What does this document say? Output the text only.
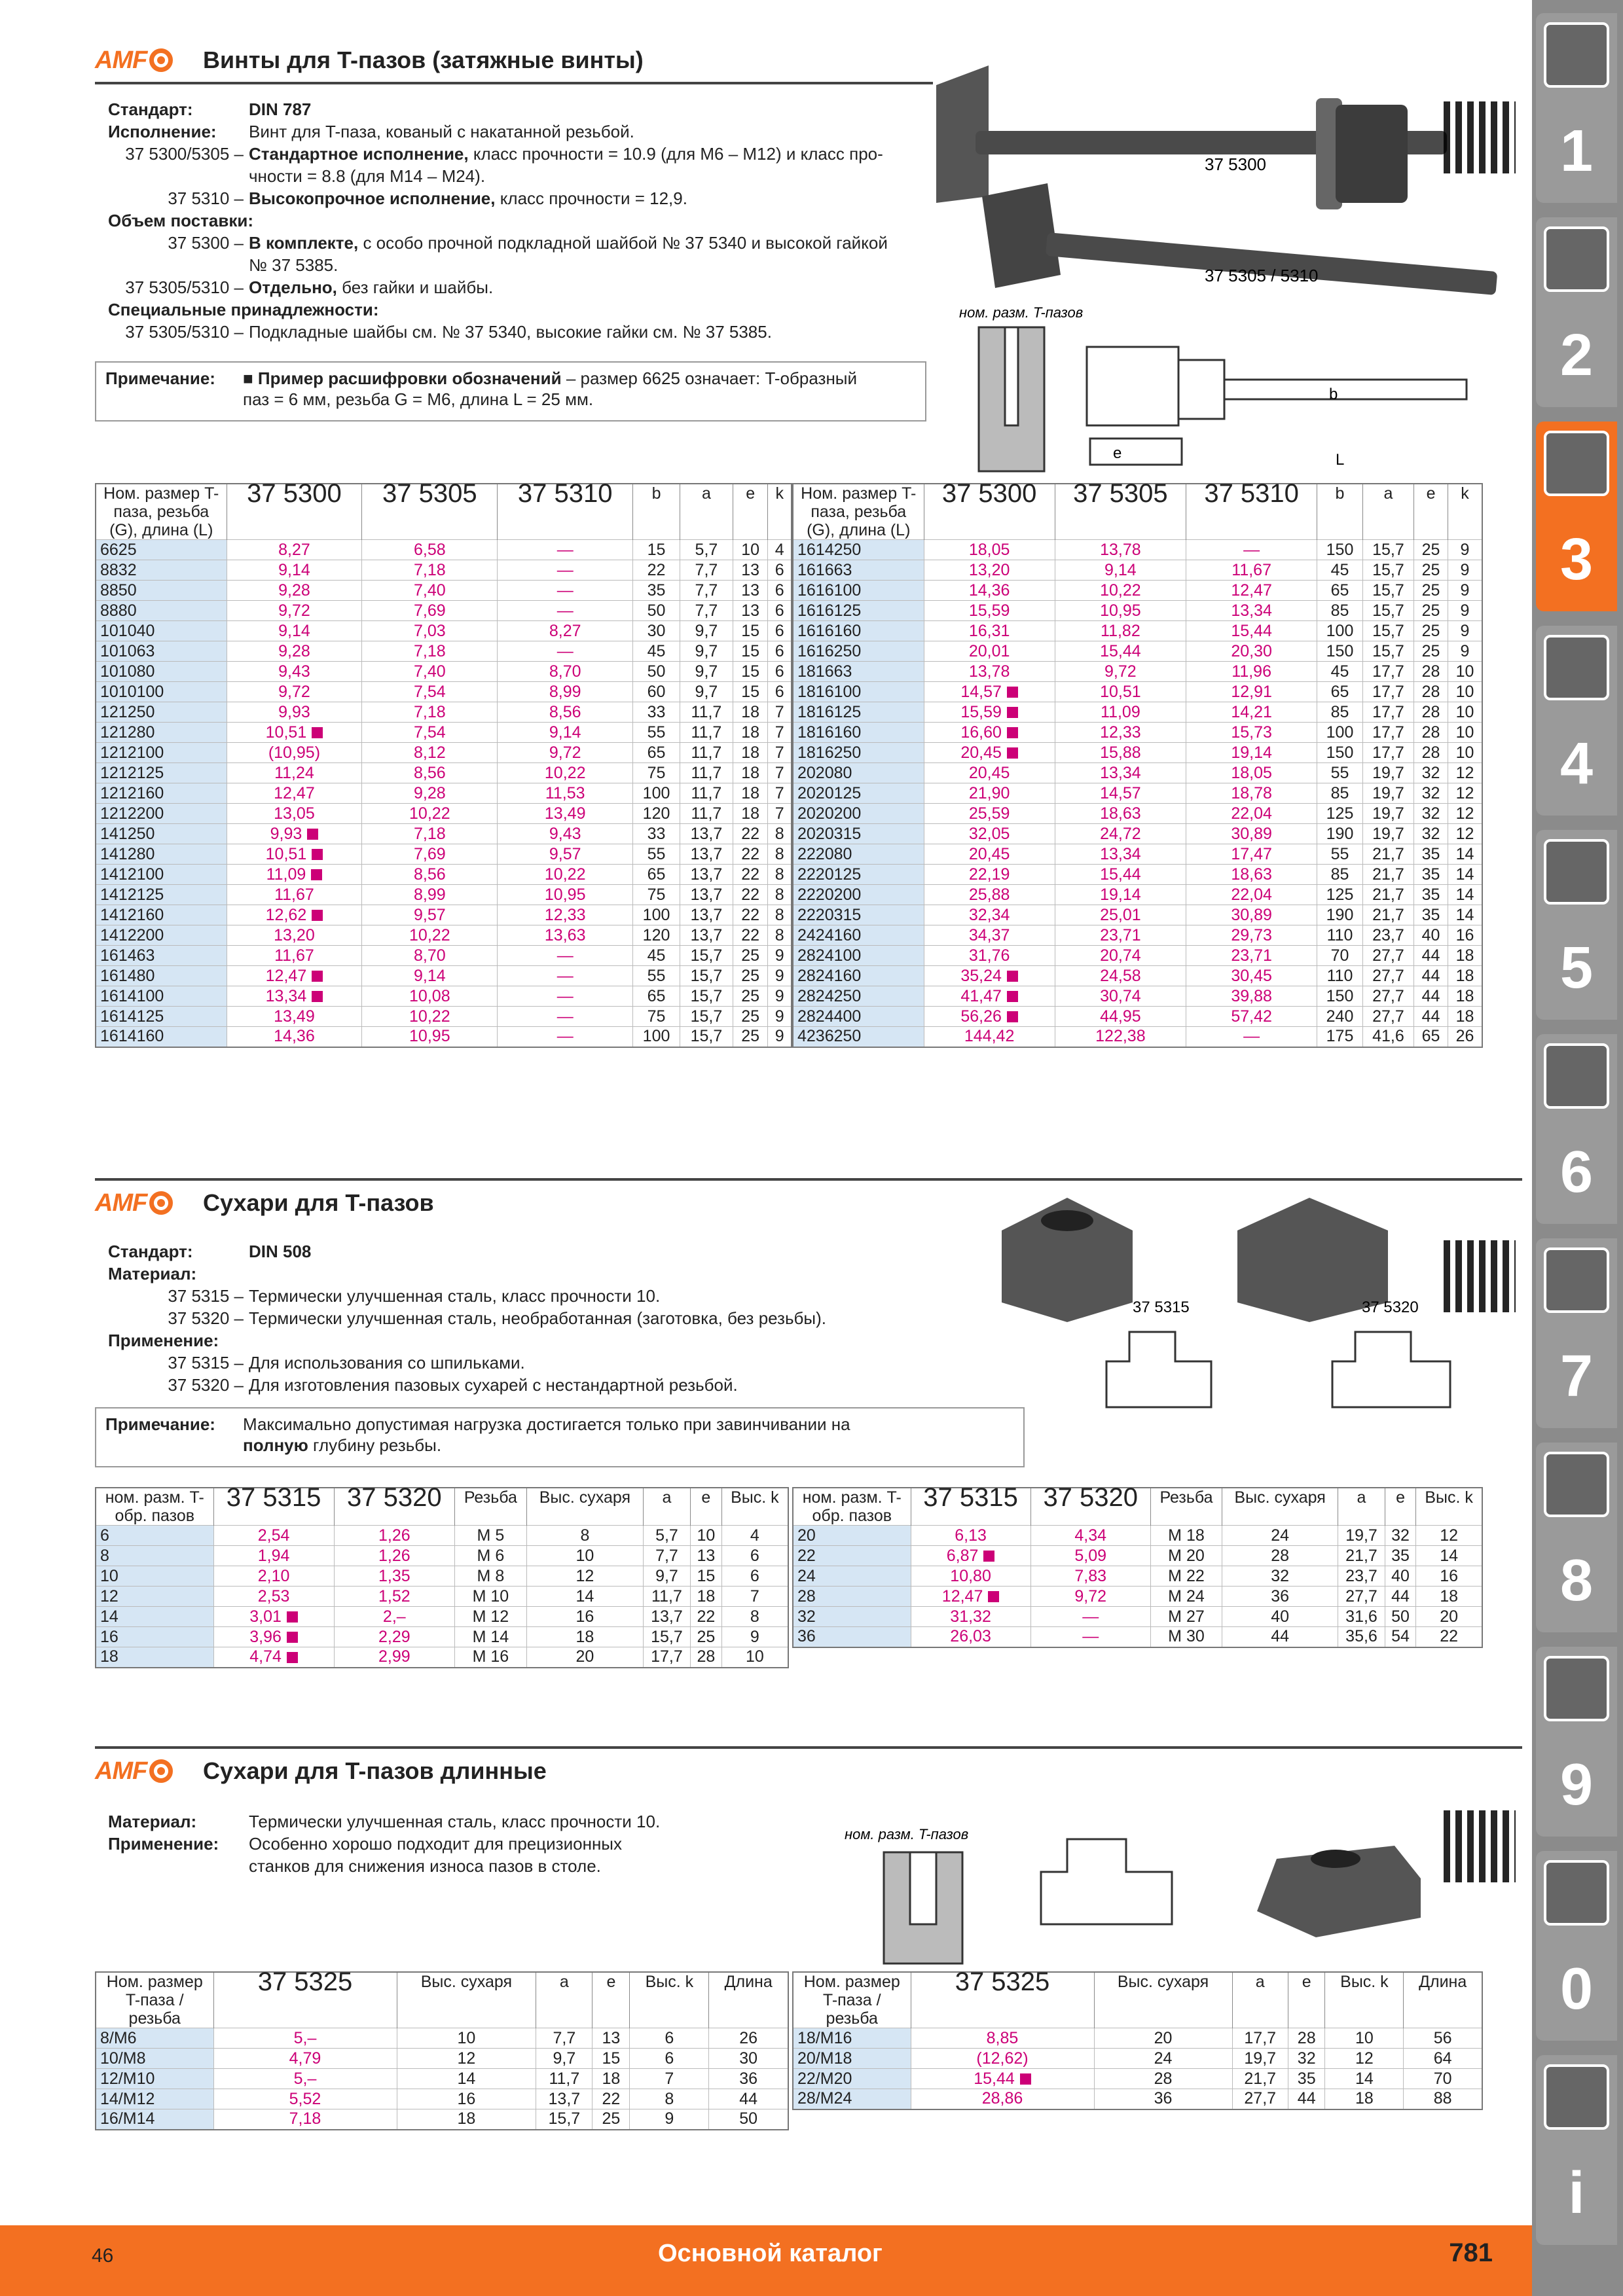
AMF Винты для T-пазов (затяжные винты)
Стандарт:	DIN 787
Исполнение:	Винт для T-паза, кованый с накатанной резьбой.
37 5300/5305 – Стандартное исполнение, класс прочности = 10.9 (для M6 – M12) и класс про-
чности = 8.8 (для M14 – M24).
37 5310 – Высокопрочное исполнение, класс прочности = 12,9.
Объем поставки:
37 5300 – В комплекте, с особо прочной подкладной шайбой № 37 5340 и высокой гайкой
№ 37 5385.
37 5305/5310 – Отдельно, без гайки и шайбы.
Специальные принадлежности:
37 5305/5310 – Подкладные шайбы см. № 37 5340, высокие гайки см. № 37 5385.
Примечание:	■ Пример расшифровки обозначений – размер 6625 означает: T-образный
паз = 6 мм, резьба G = M6, длина L = 25 мм.
37 5300
37 5305 / 5310
ном. разм. T-пазов
e
b
L
Ном. размер T-паза, резьба (G), длина (L)	37 5300	37 5305	37 5310	b	a	e	k
6625	8,27	6,58	—	15	5,7	10	4
8832	9,14	7,18	—	22	7,7	13	6
8850	9,28	7,40	—	35	7,7	13	6
8880	9,72	7,69	—	50	7,7	13	6
101040	9,14	7,03	8,27	30	9,7	15	6
101063	9,28	7,18	—	45	9,7	15	6
101080	9,43	7,40	8,70	50	9,7	15	6
1010100	9,72	7,54	8,99	60	9,7	15	6
121250	9,93	7,18	8,56	33	11,7	18	7
121280	10,51	7,54	9,14	55	11,7	18	7
1212100	(10,95)	8,12	9,72	65	11,7	18	7
1212125	11,24	8,56	10,22	75	11,7	18	7
1212160	12,47	9,28	11,53	100	11,7	18	7
1212200	13,05	10,22	13,49	120	11,7	18	7
141250	9,93	7,18	9,43	33	13,7	22	8
141280	10,51	7,69	9,57	55	13,7	22	8
1412100	11,09	8,56	10,22	65	13,7	22	8
1412125	11,67	8,99	10,95	75	13,7	22	8
1412160	12,62	9,57	12,33	100	13,7	22	8
1412200	13,20	10,22	13,63	120	13,7	22	8
161463	11,67	8,70	—	45	15,7	25	9
161480	12,47	9,14	—	55	15,7	25	9
1614100	13,34	10,08	—	65	15,7	25	9
1614125	13,49	10,22	—	75	15,7	25	9
1614160	14,36	10,95	—	100	15,7	25	9
Ном. размер T-паза, резьба (G), длина (L)	37 5300	37 5305	37 5310	b	a	e	k
1614250	18,05	13,78	—	150	15,7	25	9
161663	13,20	9,14	11,67	45	15,7	25	9
1616100	14,36	10,22	12,47	65	15,7	25	9
1616125	15,59	10,95	13,34	85	15,7	25	9
1616160	16,31	11,82	15,44	100	15,7	25	9
1616250	20,01	15,44	20,30	150	15,7	25	9
181663	13,78	9,72	11,96	45	17,7	28	10
1816100	14,57	10,51	12,91	65	17,7	28	10
1816125	15,59	11,09	14,21	85	17,7	28	10
1816160	16,60	12,33	15,73	100	17,7	28	10
1816250	20,45	15,88	19,14	150	17,7	28	10
202080	20,45	13,34	18,05	55	19,7	32	12
2020125	21,90	14,57	18,78	85	19,7	32	12
2020200	25,59	18,63	22,04	125	19,7	32	12
2020315	32,05	24,72	30,89	190	19,7	32	12
222080	20,45	13,34	17,47	55	21,7	35	14
2220125	22,19	15,44	18,63	85	21,7	35	14
2220200	25,88	19,14	22,04	125	21,7	35	14
2220315	32,34	25,01	30,89	190	21,7	35	14
2424160	34,37	23,71	29,73	110	23,7	40	16
2824100	31,76	20,74	23,71	70	27,7	44	18
2824160	35,24	24,58	30,45	110	27,7	44	18
2824250	41,47	30,74	39,88	150	27,7	44	18
2824400	56,26	44,95	57,42	240	27,7	44	18
4236250	144,42	122,38	—	175	41,6	65	26
AMF Сухари для T-пазов
Стандарт:	DIN 508
Материал:
37 5315 – Термически улучшенная сталь, класс прочности 10.
37 5320 – Термически улучшенная сталь, необработанная (заготовка, без резьбы).
Применение:
37 5315 – Для использования со шпильками.
37 5320 – Для изготовления пазовых сухарей с нестандартной резьбой.
Примечание:	Максимально допустимая нагрузка достигается только при завинчивании на
полную глубину резьбы.
37 5315	37 5320
ном. разм. T-обр. пазов	37 5315	37 5320	Резьба	Выс. сухаря	a	e	Выс. k
6	2,54	1,26	M 5	8	5,7	10	4
8	1,94	1,26	M 6	10	7,7	13	6
10	2,10	1,35	M 8	12	9,7	15	6
12	2,53	1,52	M 10	14	11,7	18	7
14	3,01	2,–	M 12	16	13,7	22	8
16	3,96	2,29	M 14	18	15,7	25	9
18	4,74	2,99	M 16	20	17,7	28	10
ном. разм. T-обр. пазов	37 5315	37 5320	Резьба	Выс. сухаря	a	e	Выс. k
20	6,13	4,34	M 18	24	19,7	32	12
22	6,87	5,09	M 20	28	21,7	35	14
24	10,80	7,83	M 22	32	23,7	40	16
28	12,47	9,72	M 24	36	27,7	44	18
32	31,32	—	M 27	40	31,6	50	20
36	26,03	—	M 30	44	35,6	54	22
AMF Сухари для T-пазов длинные
Материал:	Термически улучшенная сталь, класс прочности 10.
Применение:	Особенно хорошо подходит для прецизионных
станков для снижения износа пазов в столе.
ном. разм. T-пазов
Ном. размер T-паза / резьба	37 5325	Выс. сухаря	a	e	Выс. k	Длина
8/M6	5,–	10	7,7	13	6	26
10/M8	4,79	12	9,7	15	6	30
12/M10	5,–	14	11,7	18	7	36
14/M12	5,52	16	13,7	22	8	44
16/M14	7,18	18	15,7	25	9	50
Ном. размер T-паза / резьба	37 5325	Выс. сухаря	a	e	Выс. k	Длина
18/M16	8,85	20	17,7	28	10	56
20/M18	(12,62)	24	19,7	32	12	64
22/M20	15,44	28	21,7	35	14	70
28/M24	28,86	36	27,7	44	18	88
1
2
3
4
5
6
7
8
9
0
i
46	Основной каталог	781
